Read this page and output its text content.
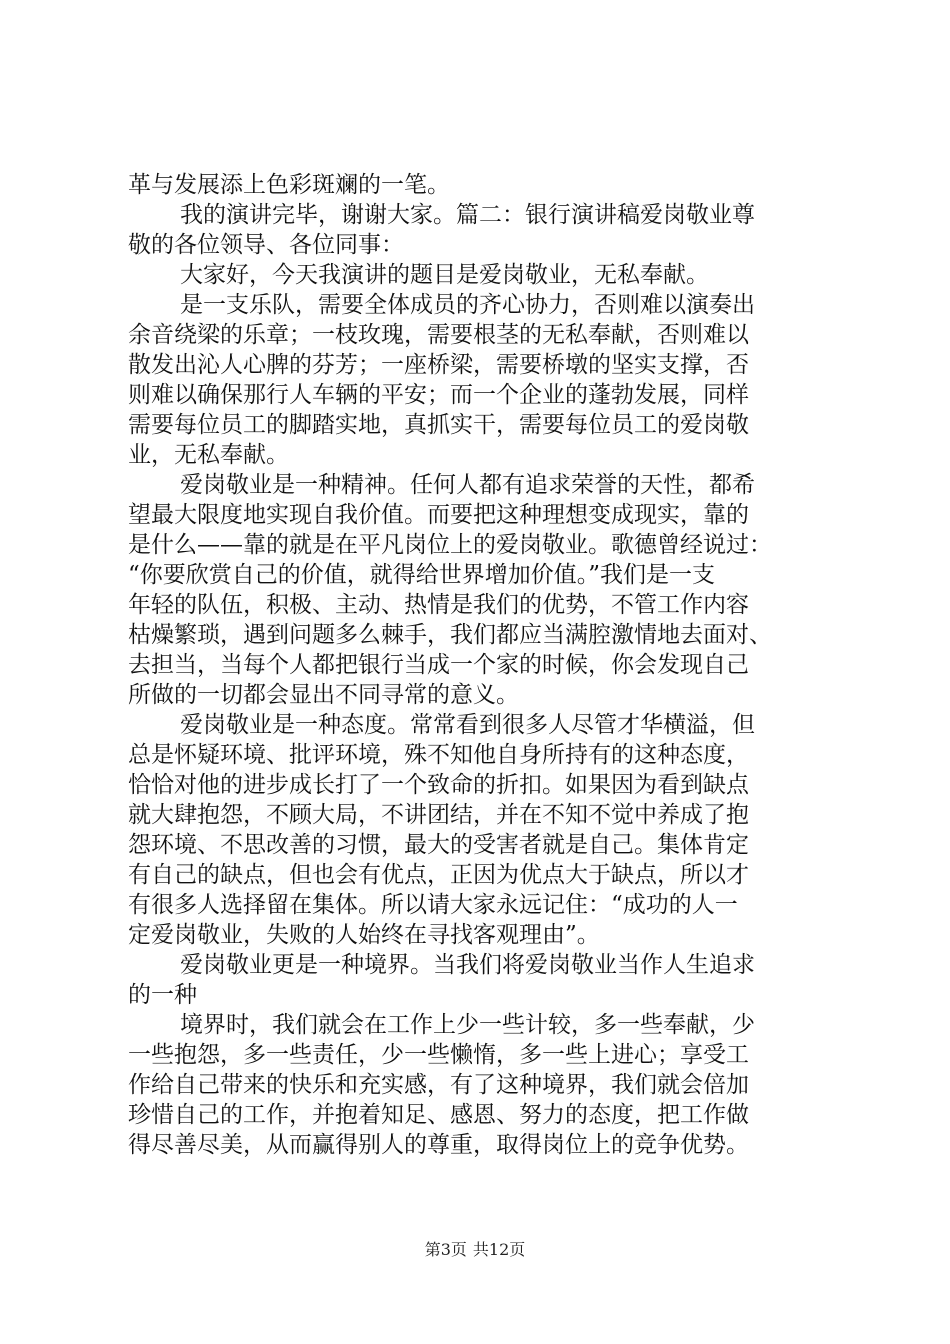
革与发展添上色彩斑斓的一笔。
我的演讲完毕，谢谢大家。篇二：银行演讲稿爱岗敬业尊
敬的各位领导、各位同事：
大家好，今天我演讲的题目是爱岗敬业，无私奉献。
是一支乐队，需要全体成员的齐心协力，否则难以演奏出
余音绕梁的乐章；一枝玫瑰，需要根茎的无私奉献，否则难以
散发出沁人心脾的芬芳；一座桥梁，需要桥墩的坚实支撑，否
则难以确保那行人车辆的平安；而一个企业的蓬勃发展，同样
需要每位员工的脚踏实地，真抓实干，需要每位员工的爱岗敬
业，无私奉献。
爱岗敬业是一种精神。任何人都有追求荣誉的天性，都希
望最大限度地实现自我价值。而要把这种理想变成现实，靠的
是什么——靠的就是在平凡岗位上的爱岗敬业。歌德曾经说过：
“你要欣赏自己的价值，就得给世界增加价值。”我们是一支
年轻的队伍，积极、主动、热情是我们的优势，不管工作内容
枯燥繁琐，遇到问题多么棘手，我们都应当满腔激情地去面对、
去担当，当每个人都把银行当成一个家的时候，你会发现自己
所做的一切都会显出不同寻常的意义。
爱岗敬业是一种态度。常常看到很多人尽管才华横溢，但
总是怀疑环境、批评环境，殊不知他自身所持有的这种态度，
恰恰对他的进步成长打了一个致命的折扣。如果因为看到缺点
就大肆抱怨，不顾大局，不讲团结，并在不知不觉中养成了抱
怨环境、不思改善的习惯，最大的受害者就是自己。集体肯定
有自己的缺点，但也会有优点，正因为优点大于缺点，所以才
有很多人选择留在集体。所以请大家永远记住：“成功的人一
定爱岗敬业，失败的人始终在寻找客观理由”。
爱岗敬业更是一种境界。当我们将爱岗敬业当作人生追求
的一种
境界时，我们就会在工作上少一些计较，多一些奉献，少
一些抱怨，多一些责任，少一些懒惰，多一些上进心；享受工
作给自己带来的快乐和充实感，有了这种境界，我们就会倍加
珍惜自己的工作，并抱着知足、感恩、努力的态度，把工作做
得尽善尽美，从而赢得别人的尊重，取得岗位上的竞争优势。
第3页 共12页
